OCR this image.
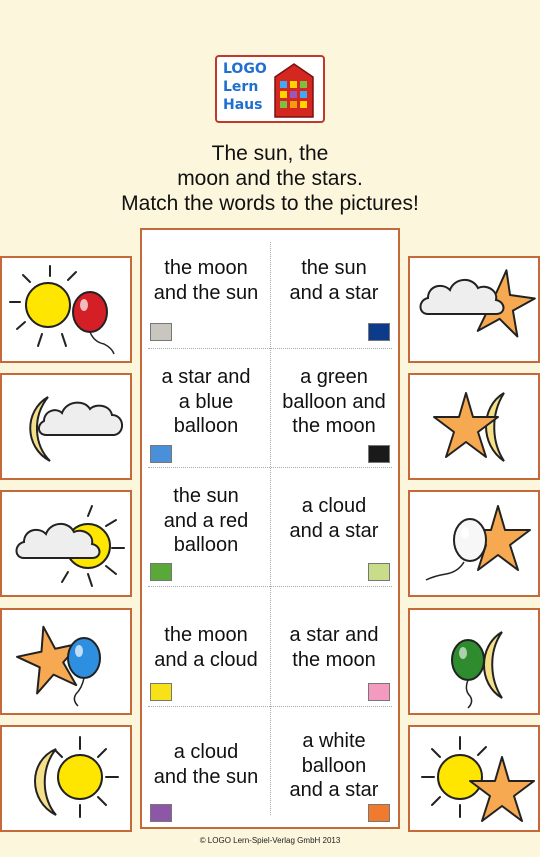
LOGO
Lern
Haus
The sun, the
moon and the stars.
Match the words to the pictures!
the moon
and the sun
the sun
and a star
a star and
a blue
balloon
a green
balloon and
the moon
the sun
and a red
balloon
a cloud
and a star
the moon
and a cloud
a star and
the moon
a cloud
and the sun
a white
balloon
and a star
© LOGO Lern-Spiel-Verlag GmbH 2013
